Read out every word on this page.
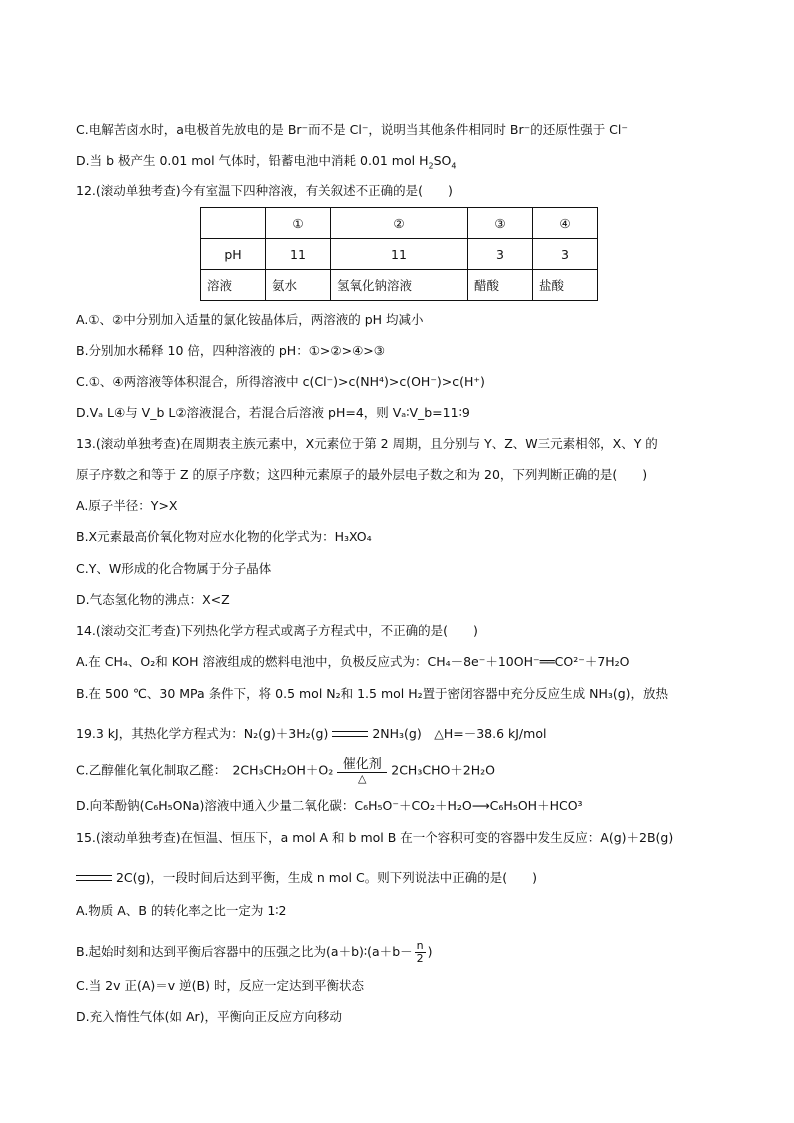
C.电解苦卤水时，a电极首先放电的是 Br⁻而不是 Cl⁻，说明当其他条件相同时 Br⁻的还原性强于 Cl⁻
D.当 b 极产生 0.01 mol 气体时，铅蓄电池中消耗 0.01 mol $H_2SO_4$
12.(滚动单独考查)今有室温下四种溶液，有关叙述不正确的是(　　)
	①	②	③	④
pH	11	11	3	3
溶液	氨水	氢氧化钠溶液	醋酸	盐酸
A.①、②中分别加入适量的氯化铵晶体后，两溶液的 pH 均减小
B.分别加水稀释 10 倍，四种溶液的 pH：①>②>④>③
C.①、④两溶液等体积混合，所得溶液中 c(Cl⁻)>c(NH⁴)>c(OH⁻)>c(H⁺)
D.Vₐ L④与 V_b L②溶液混合，若混合后溶液 pH=4，则 Vₐ∶V_b=11∶9
13.(滚动单独考查)在周期表主族元素中，X元素位于第 2 周期，且分别与 Y、Z、W三元素相邻，X、Y 的
原子序数之和等于 Z 的原子序数；这四种元素原子的最外层电子数之和为 20，下列判断正确的是(　　)
A.原子半径：Y>X
B.X元素最高价氧化物对应水化物的化学式为：H₃XO₄
C.Y、W形成的化合物属于分子晶体
D.气态氢化物的沸点：X<Z
14.(滚动交汇考查)下列热化学方程式或离子方程式中，不正确的是(　　)
A.在 CH₄、O₂和 KOH 溶液组成的燃料电池中，负极反应式为：CH₄－8e⁻＋10OH⁻══CO²⁻＋7H₂O
B.在 500 ℃、30 MPa 条件下，将 0.5 mol N₂和 1.5 mol H₂置于密闭容器中充分反应生成 NH₃(g)，放热
19.3 kJ，其热化学方程式为：N₂(g)＋3H₂(g)	2NH₃(g)　△H=－38.6 kJ/mol
C.乙醇催化氧化制取乙醛：　2CH₃CH₂OH＋O₂ 催化剂
△
2CH₃CHO＋2H₂O
D.向苯酚钠(C₆H₅ONa)溶液中通入少量二氧化碳：C₆H₅O⁻＋CO₂＋H₂O⟶C₆H₅OH＋HCO³
15.(滚动单独考查)在恒温、恒压下，a mol A 和 b mol B 在一个容积可变的容器中发生反应：A(g)＋2B(g)
2C(g)，一段时间后达到平衡，生成 n mol C。则下列说法中正确的是(　　)
A.物质 A、B 的转化率之比一定为 1∶2
B.起始时刻和达到平衡后容器中的压强之比为(a＋b)∶(a＋b－ $\frac{n}{2}$ )
C.当 2v 正(A)＝v 逆(B) 时，反应一定达到平衡状态
D.充入惰性气体(如 Ar)，平衡向正反应方向移动
